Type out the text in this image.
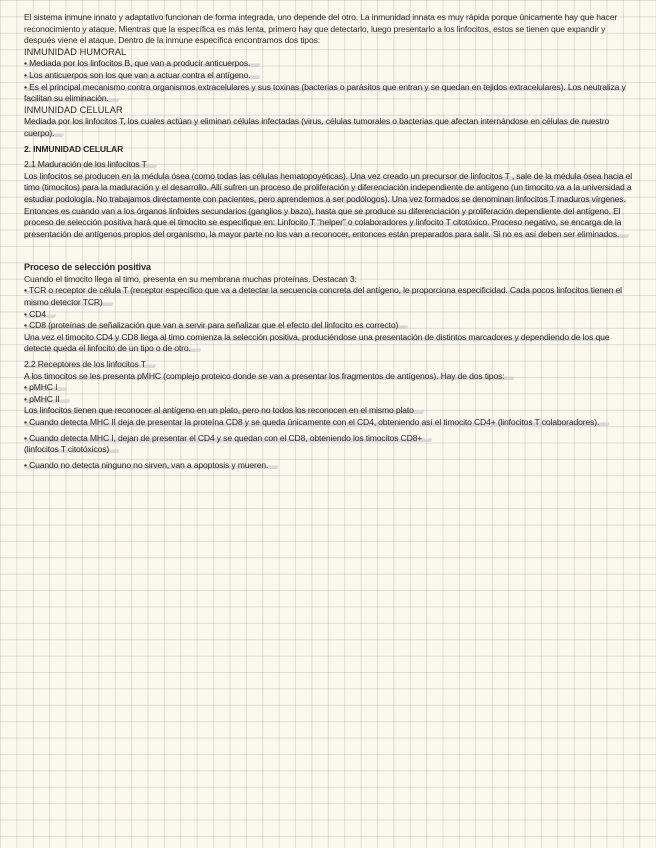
El sistema inmune innato y adaptativo funcionan de forma integrada, uno depende del otro. La inmunidad innata es muy rápida porque únicamente hay que hacer reconocimiento y ataque. Mientras que la específica es más lenta, primero hay que detectarlo, luego presentarlo a los linfocitos, estos se tienen que expandir y después viene el ataque. Dentro de la inmune específica encontramos dos tipos:

INMUNIDAD HUMORAL

• Mediada por los linfocitos B, que van a producir anticuerpos.

• Los anticuerpos son los que van a actuar contra el antígeno.

• Es el principal mecanismo contra organismos extracelulares y sus toxinas (bacterias o parásitos que entran y se quedan en tejidos extracelulares). Los neutraliza y facilitan su eliminación.

INMUNIDAD CELULAR

Mediada por los linfocitos T, los cuales actúan y eliminan células infectadas (virus, células tumorales o bacterias que afectan internándose en células de nuestro cuerpo).

2. INMUNIDAD CELULAR

2.1 Maduración de los linfocitos T

Los linfocitos se producen en la médula ósea (como todas las células hematopoyéticas). Una vez creado un precursor de linfocitos T , sale de la médula ósea hacia el timo (timocitos) para la maduración y el desarrollo. Allí sufren un proceso de proliferación y diferenciación independiente de antígeno (un timocito va a la universidad a estudiar podología. No trabajamos directamente con pacientes, pero aprendemos a ser podólogos). Una vez formados se denominan linfocitos T maduros vírgenes. Entonces es cuando van a los órganos linfoides secundarios (ganglios y bazo), hasta que se produce su diferenciación y proliferación dependiente del antígeno. El proceso de selección positiva hará que el timocito se especifique en: Linfocito T “helper” o colaboradores y linfocito T citotóxico. Proceso negativo, se encarga de la presentación de antígenos propios del organismo, la mayor parte no los van a reconocer, entonces están preparados para salir. Si no es así deben ser eliminados.

Proceso de selección positiva

Cuando el timocito llega al timo, presenta en su membrana muchas proteínas. Destacan 3:

• TCR o receptor de célula T (receptor específico que va a detectar la secuencia concreta del antígeno, le proporciona especificidad. Cada pocos linfocitos tienen el mismo detector TCR)

• CD4

• CD8 (proteínas de señalización que van a servir para señalizar que el efecto del linfocito es correcto)

Una vez el timocito CD4 y CD8 llega al timo comienza la selección positiva, produciéndose una presentación de distintos marcadores y dependiendo de los que detecte queda el linfocito de un tipo o de otro.

2.2 Receptores de los linfocitos T

A los timocitos se les presenta pMHC (complejo proteico donde se van a presentar los fragmentos de antígenos). Hay de dos tipos:

• pMHC I

• pMHC II

Los linfocitos tienen que reconocer al antígeno en un plato, pero no todos los reconocen en el mismo plato

• Cuando detecta MHC II deja de presentar la proteína CD8 y se queda únicamente con el CD4, obteniendo así el timocito CD4+ (linfocitos T colaboradores).

• Cuando detecta MHC I, dejan de presentar el CD4 y se quedan con el CD8, obteniendo los timocitos CD8+

(linfocitos T citotóxicos)

• Cuando no detecta ninguno no sirven, van a apoptosis y mueren.
